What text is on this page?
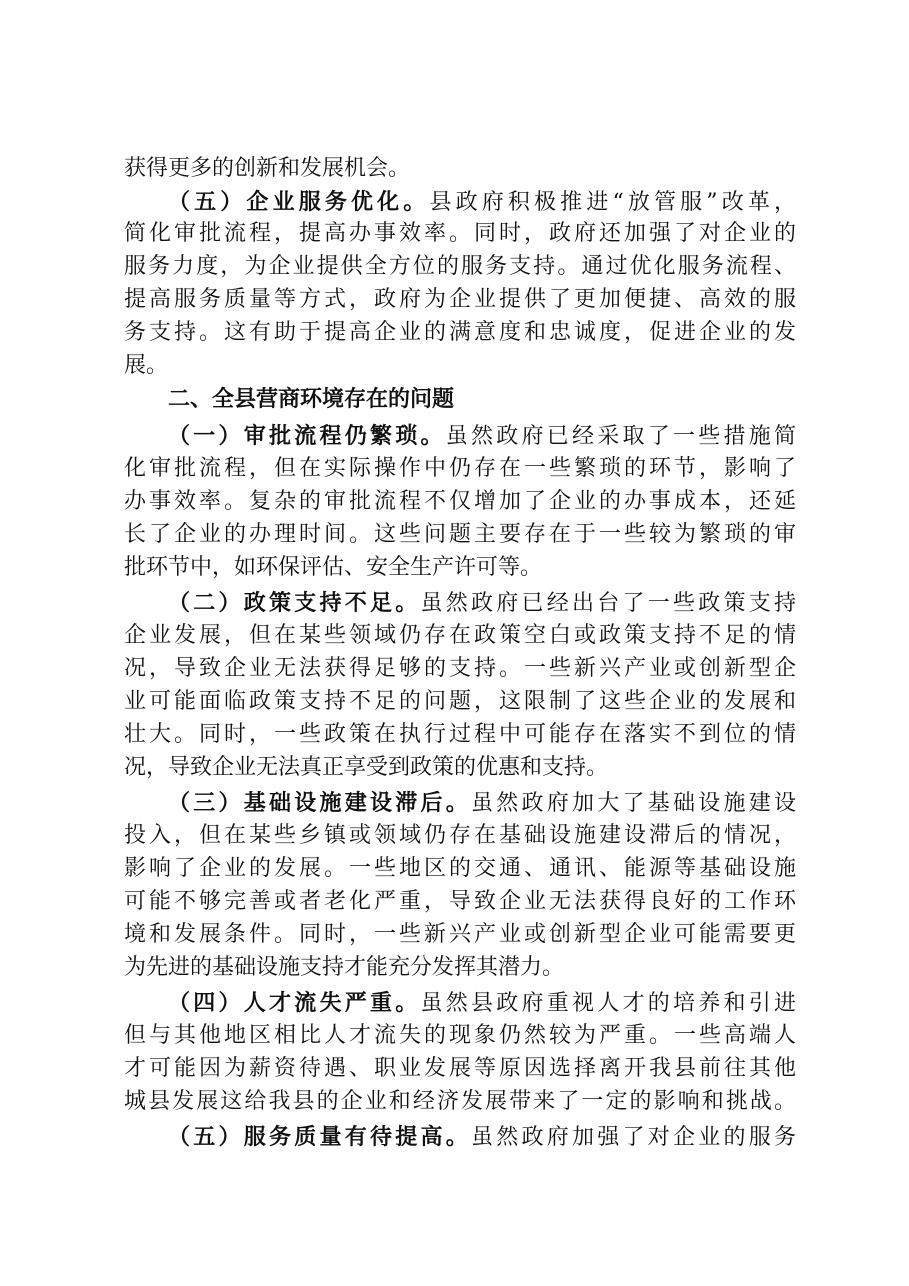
获得更多的创新和发展机会。
（五）企业服务优化。县政府积极推进“放管服”改革，
简化审批流程，提高办事效率。同时，政府还加强了对企业的
服务力度，为企业提供全方位的服务支持。通过优化服务流程、
提高服务质量等方式，政府为企业提供了更加便捷、高效的服
务支持。这有助于提高企业的满意度和忠诚度，促进企业的发
展。
二、全县营商环境存在的问题
（一）审批流程仍繁琐。虽然政府已经采取了一些措施简
化审批流程，但在实际操作中仍存在一些繁琐的环节，影响了
办事效率。复杂的审批流程不仅增加了企业的办事成本，还延
长了企业的办理时间。这些问题主要存在于一些较为繁琐的审
批环节中，如环保评估、安全生产许可等。
（二）政策支持不足。虽然政府已经出台了一些政策支持
企业发展，但在某些领域仍存在政策空白或政策支持不足的情
况，导致企业无法获得足够的支持。一些新兴产业或创新型企
业可能面临政策支持不足的问题，这限制了这些企业的发展和
壮大。同时，一些政策在执行过程中可能存在落实不到位的情
况，导致企业无法真正享受到政策的优惠和支持。
（三）基础设施建设滞后。虽然政府加大了基础设施建设
投入，但在某些乡镇或领域仍存在基础设施建设滞后的情况，
影响了企业的发展。一些地区的交通、通讯、能源等基础设施
可能不够完善或者老化严重，导致企业无法获得良好的工作环
境和发展条件。同时，一些新兴产业或创新型企业可能需要更
为先进的基础设施支持才能充分发挥其潜力。
（四）人才流失严重。虽然县政府重视人才的培养和引进
但与其他地区相比人才流失的现象仍然较为严重。一些高端人
才可能因为薪资待遇、职业发展等原因选择离开我县前往其他
城县发展这给我县的企业和经济发展带来了一定的影响和挑战。
（五）服务质量有待提高。虽然政府加强了对企业的服务
